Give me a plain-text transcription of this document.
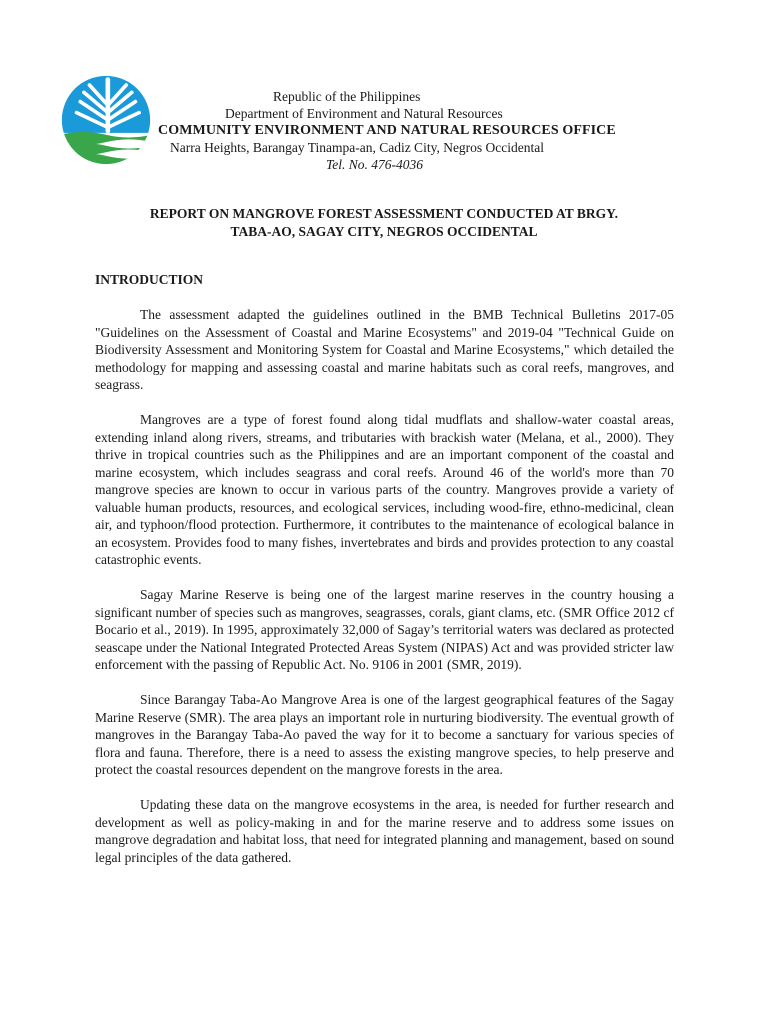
Republic of the Philippines
Department of Environment and Natural Resources
COMMUNITY ENVIRONMENT AND NATURAL RESOURCES OFFICE
Narra Heights, Barangay Tinampa-an, Cadiz City, Negros Occidental
Tel. No. 476-4036
REPORT ON MANGROVE FOREST ASSESSMENT CONDUCTED AT BRGY.
TABA-AO, SAGAY CITY, NEGROS OCCIDENTAL
INTRODUCTION

The assessment adapted the guidelines outlined in the BMB Technical Bulletins 2017-05 "Guidelines on the Assessment of Coastal and Marine Ecosystems" and 2019-04 "Technical Guide on Biodiversity Assessment and Monitoring System for Coastal and Marine Ecosystems," which detailed the methodology for mapping and assessing coastal and marine habitats such as coral reefs, mangroves, and seagrass.

Mangroves are a type of forest found along tidal mudflats and shallow-water coastal areas, extending inland along rivers, streams, and tributaries with brackish water (Melana, et al., 2000). They thrive in tropical countries such as the Philippines and are an important component of the coastal and marine ecosystem, which includes seagrass and coral reefs. Around 46 of the world's more than 70 mangrove species are known to occur in various parts of the country. Mangroves provide a variety of valuable human products, resources, and ecological services, including wood-fire, ethno-medicinal, clean air, and typhoon/flood protection. Furthermore, it contributes to the maintenance of ecological balance in an ecosystem. Provides food to many fishes, invertebrates and birds and provides protection to any coastal catastrophic events.

Sagay Marine Reserve is being one of the largest marine reserves in the country housing a significant number of species such as mangroves, seagrasses, corals, giant clams, etc. (SMR Office 2012 cf Bocario et al., 2019). In 1995, approximately 32,000 of Sagay’s territorial waters was declared as protected seascape under the National Integrated Protected Areas System (NIPAS) Act and was provided stricter law enforcement with the passing of Republic Act. No. 9106 in 2001 (SMR, 2019).

Since Barangay Taba-Ao Mangrove Area is one of the largest geographical features of the Sagay Marine Reserve (SMR). The area plays an important role in nurturing biodiversity. The eventual growth of mangroves in the Barangay Taba-Ao paved the way for it to become a sanctuary for various species of flora and fauna. Therefore, there is a need to assess the existing mangrove species, to help preserve and protect the coastal resources dependent on the mangrove forests in the area.

Updating these data on the mangrove ecosystems in the area, is needed for further research and development as well as policy-making in and for the marine reserve and to address some issues on mangrove degradation and habitat loss, that need for integrated planning and management, based on sound legal principles of the data gathered.
